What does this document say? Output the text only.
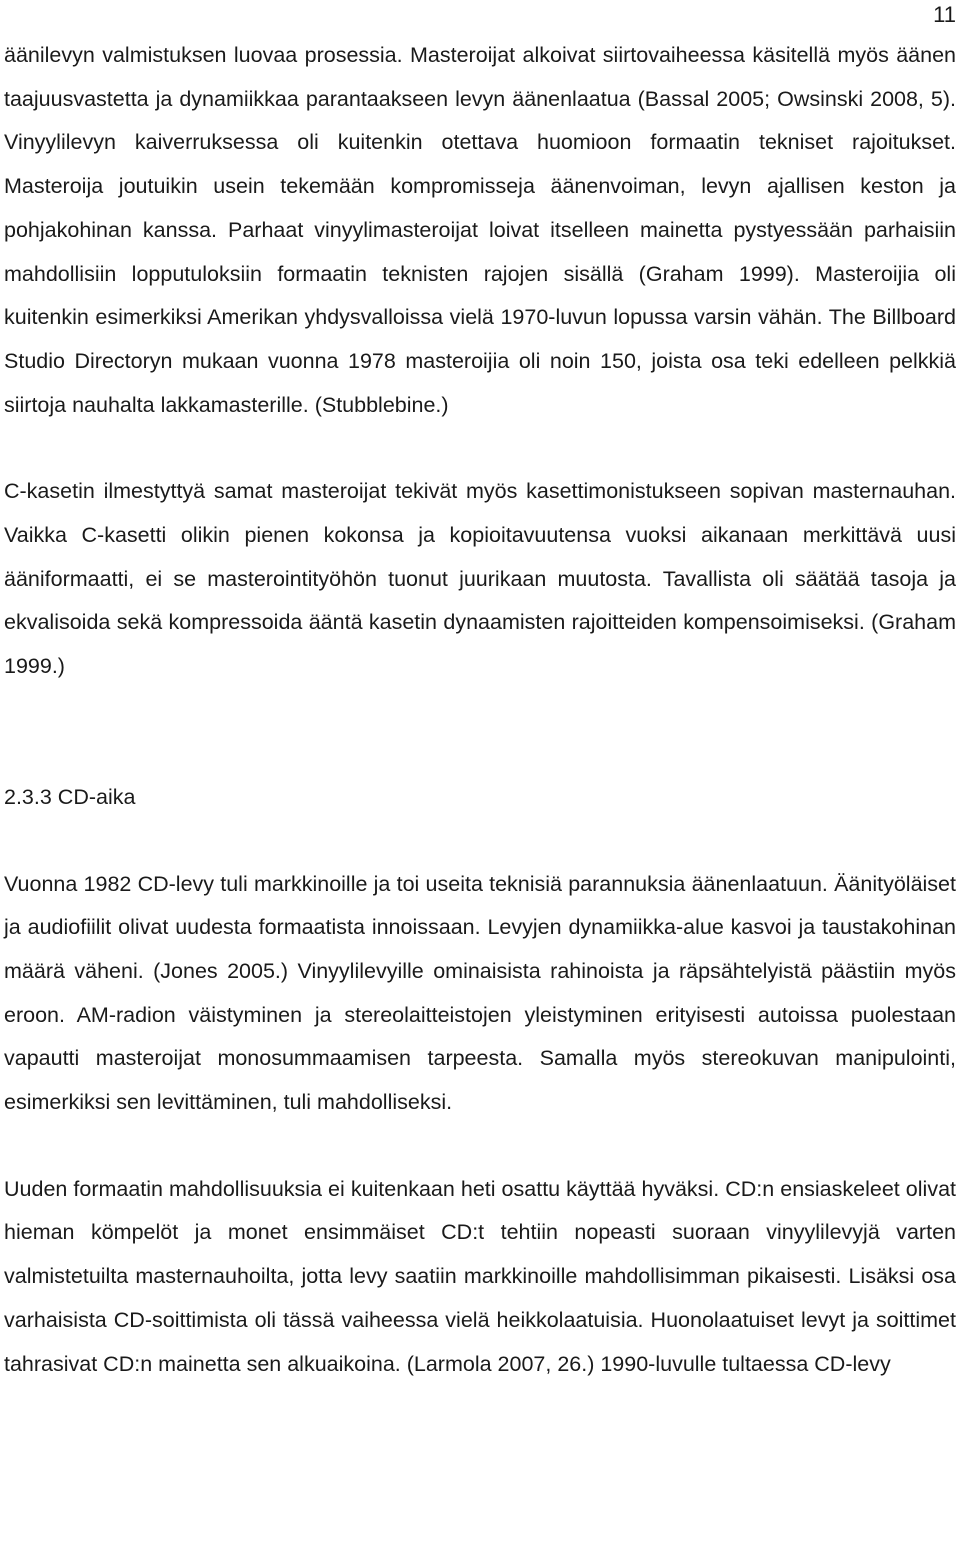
11

äänilevyn valmistuksen luovaa prosessia. Masteroijat alkoivat siirtovaiheessa käsitellä myös äänen taajuusvastetta ja dynamiikkaa parantaakseen levyn äänenlaatua (Bassal 2005; Owsinski 2008, 5). Vinyylilevyn kaiverruksessa oli kuitenkin otettava huomioon formaatin tekniset rajoitukset. Masteroija joutuikin usein tekemään kompromisseja äänenvoiman, levyn ajallisen keston ja pohjakohinan kanssa. Parhaat vinyylimasteroijat loivat itselleen mainetta pystyessään parhaisiin mahdollisiin lopputuloksiin formaatin teknisten rajojen sisällä (Graham 1999). Masteroijia oli kuitenkin esimerkiksi Amerikan yhdysvalloissa vielä 1970-luvun lopussa varsin vähän. The Billboard Studio Directoryn mukaan vuonna 1978 masteroijia oli noin 150, joista osa teki edelleen pelkkiä siirtoja nauhalta lakkamasterille. (Stubblebine.)

C-kasetin ilmestyttyä samat masteroijat tekivät myös kasettimonistukseen sopivan masternauhan. Vaikka C-kasetti olikin pienen kokonsa ja kopioitavuutensa vuoksi aikanaan merkittävä uusi ääniformaatti, ei se masterointityöhön tuonut juurikaan muutosta. Tavallista oli säätää tasoja ja ekvalisoida sekä kompressoida ääntä kasetin dynaamisten rajoitteiden kompensoimiseksi. (Graham 1999.)

2.3.3 CD-aika

Vuonna 1982 CD-levy tuli markkinoille ja toi useita teknisiä parannuksia äänenlaatuun. Äänityöläiset ja audiofiilit olivat uudesta formaatista innoissaan. Levyjen dynamiikka-alue kasvoi ja taustakohinan määrä väheni. (Jones 2005.) Vinyylilevyille ominaisista rahinoista ja räpsähtelyistä päästiin myös eroon. AM-radion väistyminen ja stereolaitteistojen yleistyminen erityisesti autoissa puolestaan vapautti masteroijat monosummaamisen tarpeesta. Samalla myös stereokuvan manipulointi, esimerkiksi sen levittäminen, tuli mahdolliseksi.

Uuden formaatin mahdollisuuksia ei kuitenkaan heti osattu käyttää hyväksi. CD:n ensiaskeleet olivat hieman kömpelöt ja monet ensimmäiset CD:t tehtiin nopeasti suoraan vinyylilevyjä varten valmistetuilta masternauhoilta, jotta levy saatiin markkinoille mahdollisimman pikaisesti. Lisäksi osa varhaisista CD-soittimista oli tässä vaiheessa vielä heikkolaatuisia. Huonolaatuiset levyt ja soittimet tahrasivat CD:n mainetta sen alkuaikoina. (Larmola 2007, 26.) 1990-luvulle tultaessa CD-levy
